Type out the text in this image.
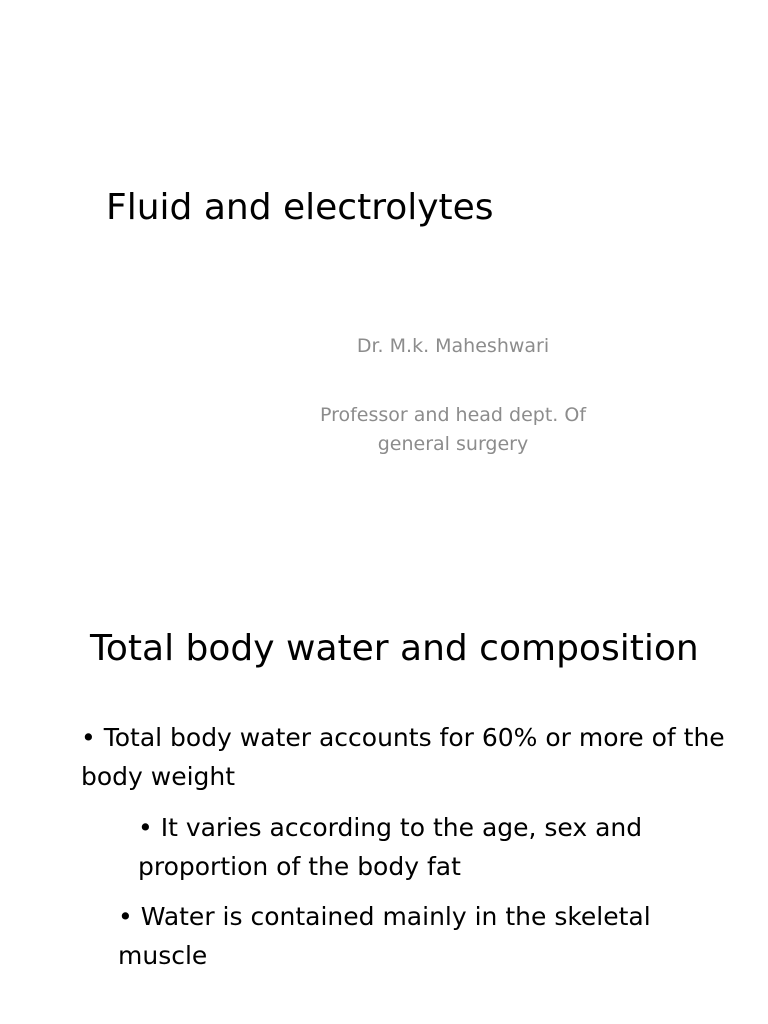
Fluid and electrolytes
Dr. M.k. Maheshwari
Professor and head dept. Of general surgery
Total body water and composition
• Total body water accounts for 60% or more of the body weight
• It varies according to the age, sex and proportion of the body fat
• Water is contained mainly in the skeletal muscle
